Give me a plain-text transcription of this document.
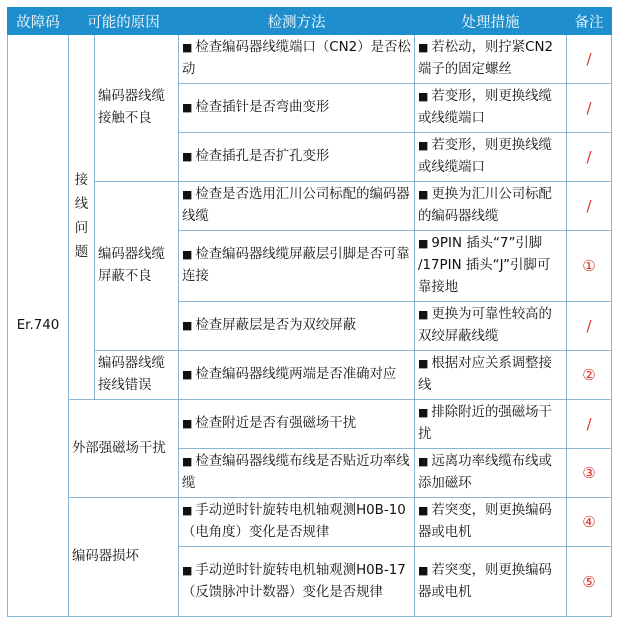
故障码	可能的原因		检测方法	处理措施	备注
Er.740	接线问题	编码器线缆接触不良	■ 检查编码器线缆端口（CN2）是否松动	■ 若松动，则拧紧CN2 端子的固定螺丝	/
			■ 检查插针是否弯曲变形	■ 若变形，则更换线缆或线缆端口	/
			■ 检查插孔是否扩孔变形	■ 若变形，则更换线缆或线缆端口	/
		编码器线缆屏蔽不良	■ 检查是否选用汇川公司标配的编码器线缆	■ 更换为汇川公司标配的编码器线缆	/
			■ 检查编码器线缆屏蔽层引脚是否可靠连接	■ 9PIN 插头“7”引脚 /17PIN 插头“J”引脚可靠接地	①
			■ 检查屏蔽层是否为双绞屏蔽	■ 更换为可靠性较高的双绞屏蔽线缆	/
		编码器线缆接线错误	■ 检查编码器线缆两端是否准确对应	■ 根据对应关系调整接线	②
	外部强磁场干扰		■ 检查附近是否有强磁场干扰	■ 排除附近的强磁场干扰	/
			■ 检查编码器线缆布线是否贴近功率线缆	■ 远离功率线缆布线或添加磁环	③
	编码器损坏		■ 手动逆时针旋转电机轴观测H0B-10（电角度）变化是否规律	■ 若突变，则更换编码器或电机	④
			■ 手动逆时针旋转电机轴观测H0B-17（反馈脉冲计数器）变化是否规律	■ 若突变，则更换编码器或电机	⑤
